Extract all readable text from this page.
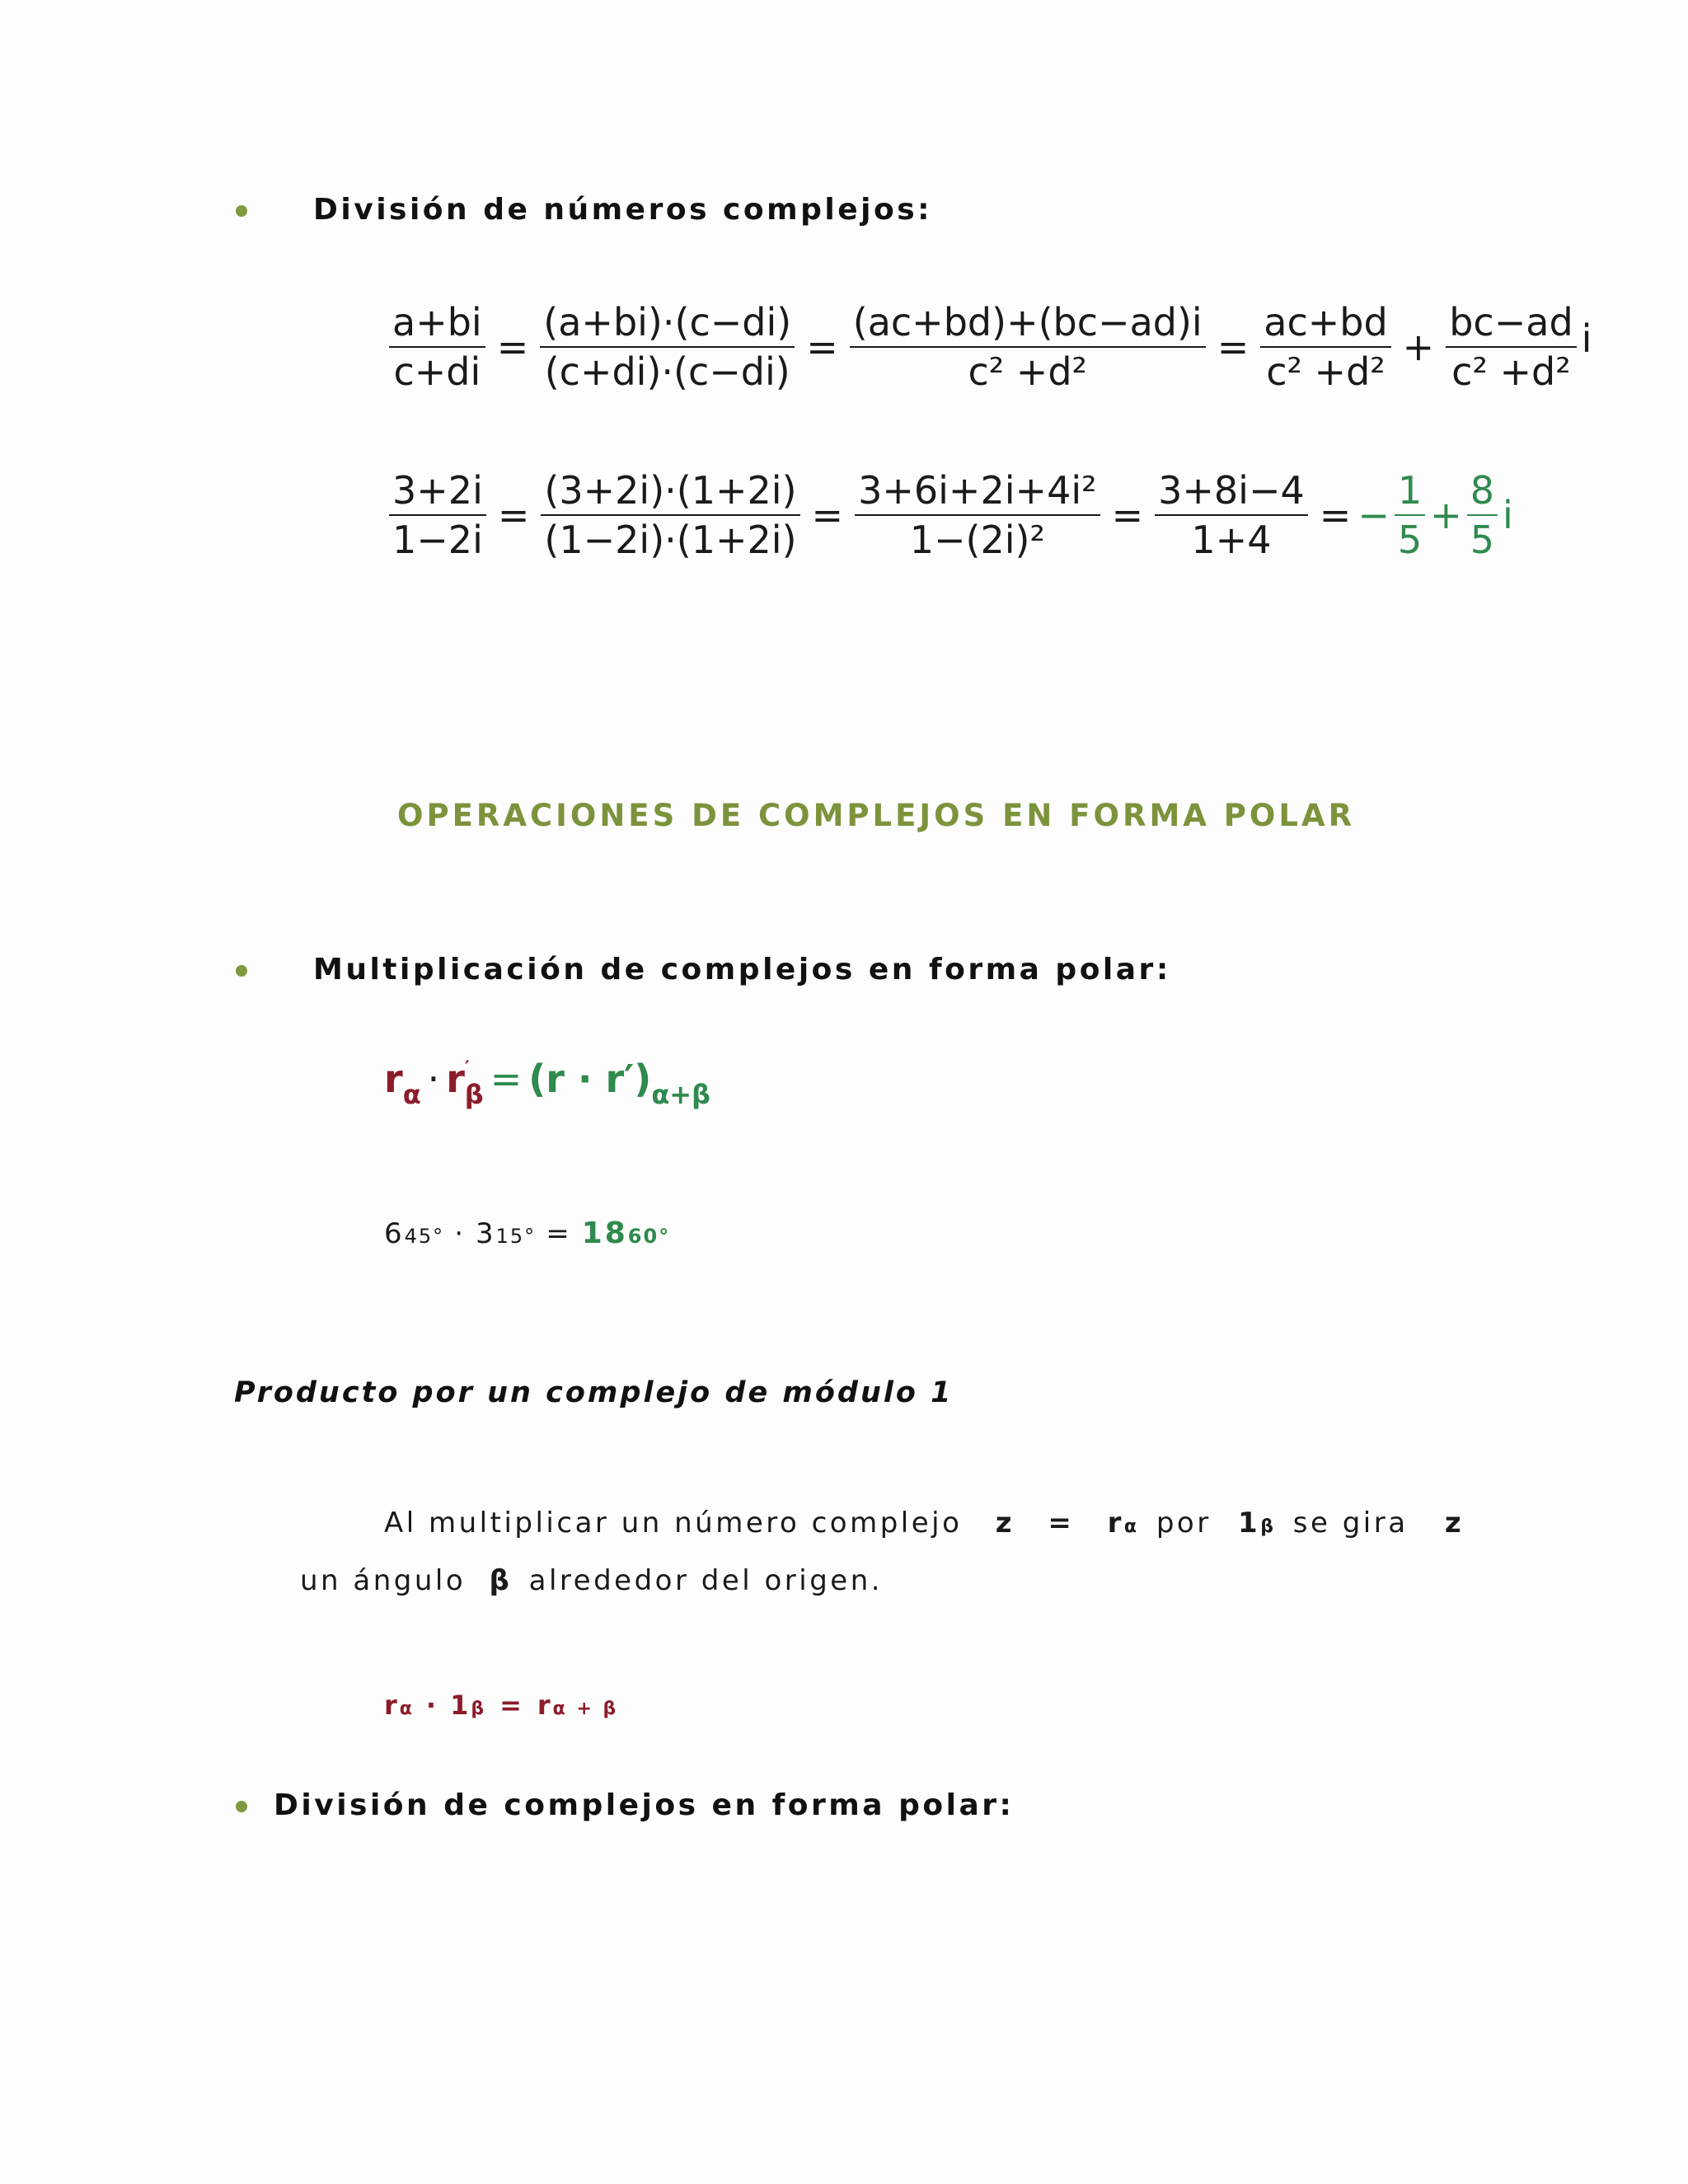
División de números complejos:
$\frac{a+bi}{c+di} = \frac{(a+bi)\cdot(c-di)}{(c+di)\cdot(c-di)} = \frac{(ac+bd)+(bc-ad)i}{\text{c² +d²}} = \frac{ac+bd}{\text{c² +d²}} + \frac{bc-ad}{\text{c² +d²}}$ i
$\frac{3+2i}{1-2i} = \frac{(3+2i)\cdot(1+2i)}{(1-2i)\cdot(1+2i)} = \frac{\text{3+6i+2i+4i²}}{\text{1−(2i)²}} = \frac{3+8i-4}{1+4}$ = − $\frac{1}{5} + \frac{8}{5}$ i
OPERACIONES DE COMPLEJOS EN FORMA POLAR
Multiplicación de complejos en forma polar:
r α · r ′
β = (r · r′) α+β
6 45° · 3 15° = 18 60°
Producto por un complejo de módulo 1
Al multiplicar un número complejo z = rα por 1β se gira z
un ángulo β alrededor del origen.
r α · 1 β = r α + β
División de complejos en forma polar:
